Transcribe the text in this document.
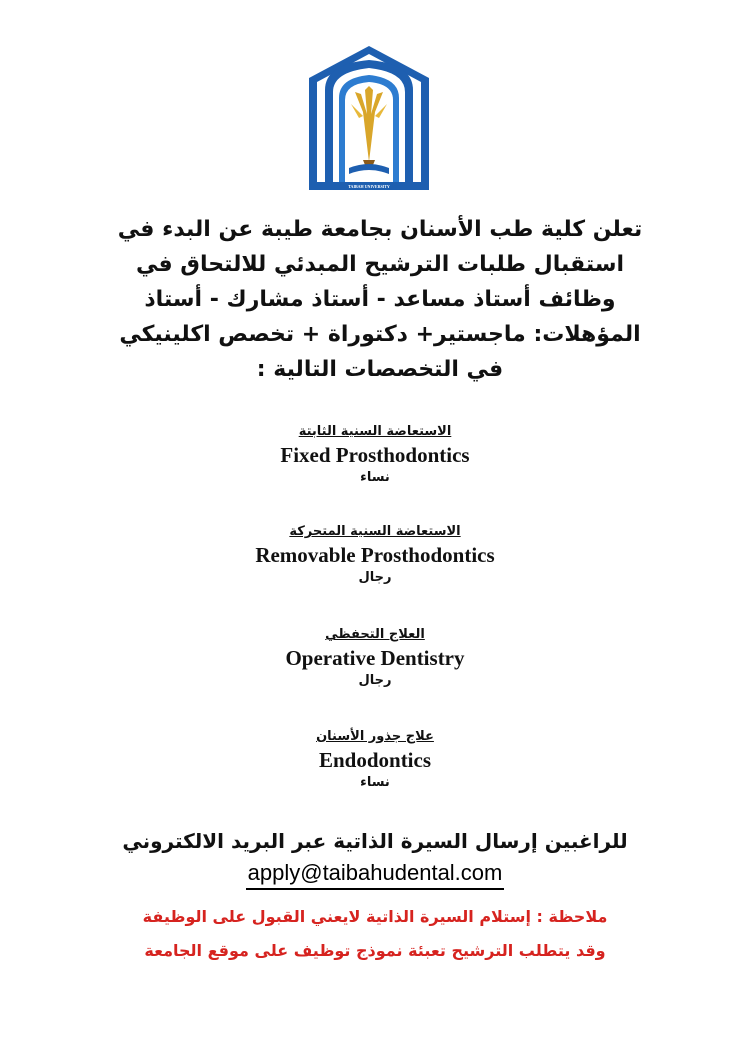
TAIBAH UNIVERSITY
تعلن كلية طب الأسنان بجامعة طيبة عن البدء في
استقبال طلبات الترشيح المبدئي للالتحاق في
وظائف أستاذ مساعد - أستاذ مشارك - أستاذ
المؤهلات: ماجستير+ دكتوراة + تخصص اكلينيكي
في التخصصات التالية :
الاستعاضة السنية الثابتة
Fixed Prosthodontics
نساء
الاستعاضة السنية المتحركة
Removable Prosthodontics
رجال
العلاج التحفظي
Operative Dentistry
رجال
علاج جذور الأسنان
Endodontics
نساء
للراغبين إرسال السيرة الذاتية عبر البريد الالكتروني
apply@taibahudental.com
ملاحظة : إستلام السيرة الذاتية لايعني القبول على الوظيفة
وقد يتطلب الترشيح تعبئة نموذج توظيف على موقع الجامعة
